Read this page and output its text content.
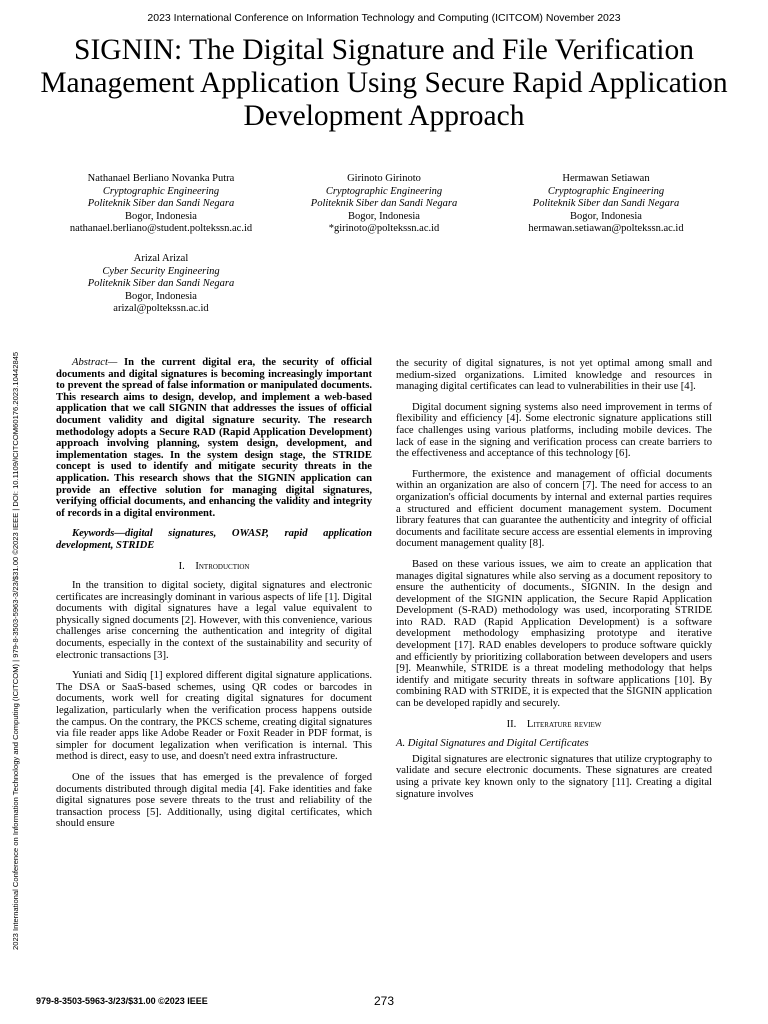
2023 International Conference on Information Technology and Computing (ICITCOM) November 2023
2023 International Conference on Information Technology and Computing (ICITCOM) | 979-8-3503-5963-3/23/$31.00 ©2023 IEEE | DOI: 10.1109/ICITCOM60176.2023.10442845
SIGNIN: The Digital Signature and File Verification Management Application Using Secure Rapid Application Development Approach
Nathanael Berliano Novanka Putra
Cryptographic Engineering
Politeknik Siber dan Sandi Negara
Bogor, Indonesia
nathanael.berliano@student.poltekssn.ac.id
Girinoto Girinoto
Cryptographic Engineering
Politeknik Siber dan Sandi Negara
Bogor, Indonesia
*girinoto@poltekssn.ac.id
Hermawan Setiawan
Cryptographic Engineering
Politeknik Siber dan Sandi Negara
Bogor, Indonesia
hermawan.setiawan@poltekssn.ac.id
Arizal Arizal
Cyber Security Engineering
Politeknik Siber dan Sandi Negara
Bogor, Indonesia
arizal@poltekssn.ac.id

Abstract— In the current digital era, the security of official documents and digital signatures is becoming increasingly important to prevent the spread of false information or manipulated documents. This research aims to design, develop, and implement a web-based application that we call SIGNIN that addresses the issues of official document validity and digital signature security. The research methodology adopts a Secure RAD (Rapid Application Development) approach involving planning, system design, development, and implementation stages. In the system design stage, the STRIDE concept is used to identify and mitigate security threats in the application. This research shows that the SIGNIN application can provide an effective solution for managing digital signatures, verifying official documents, and enhancing the validity and integrity of records in a digital environment.

Keywords—digital signatures, OWASP, rapid application development, STRIDE

I. Introduction

In the transition to digital society, digital signatures and electronic certificates are increasingly dominant in various aspects of life [1]. Digital documents with digital signatures have a legal value equivalent to physically signed documents [2]. However, with this convenience, various challenges arise concerning the authentication and integrity of digital documents, especially in the context of the sustainability and security of electronic transactions [3].

Yuniati and Sidiq [1] explored different digital signature applications. The DSA or SaaS-based schemes, using QR codes or barcodes in documents, work well for creating digital signatures for document legalization, particularly when the verification process happens outside the campus. On the contrary, the PKCS scheme, creating digital signatures via file reader apps like Adobe Reader or Foxit Reader in PDF format, is simpler for document legalization when verification is internal. This method is direct, easy to use, and doesn't need extra infrastructure.

One of the issues that has emerged is the prevalence of forged documents distributed through digital media [4]. Fake identities and fake digital signatures pose severe threats to the trust and reliability of the transaction process [5]. Additionally, using digital certificates, which should ensure

the security of digital signatures, is not yet optimal among small and medium-sized organizations. Limited knowledge and resources in managing digital certificates can lead to vulnerabilities in their use [4].

Digital document signing systems also need improvement in terms of flexibility and efficiency [4]. Some electronic signature applications still face challenges using various platforms, including mobile devices. The lack of ease in the signing and verification process can create barriers to the effectiveness and acceptance of this technology [6].

Furthermore, the existence and management of official documents within an organization are also of concern [7]. The need for access to an organization's official documents by internal and external parties requires a structured and efficient document management system. Document library features that can guarantee the authenticity and integrity of official documents and facilitate secure access are essential elements in improving document management quality [8].

Based on these various issues, we aim to create an application that manages digital signatures while also serving as a document repository to ensure the authenticity of documents., SIGNIN. In the design and development of the SIGNIN application, the Secure Rapid Application Development (S-RAD) methodology was used, incorporating STRIDE into RAD. RAD (Rapid Application Development) is a software development methodology emphasizing prototype and iterative development [17]. RAD enables developers to produce software quickly and efficiently by prioritizing collaboration between developers and users [9]. Meanwhile, STRIDE is a threat modeling methodology that helps identify and mitigate security threats in software applications [10]. By combining RAD with STRIDE, it is expected that the SIGNIN application can be developed rapidly and securely.

II. Literature review
A. Digital Signatures and Digital Certificates

Digital signatures are electronic signatures that utilize cryptography to validate and secure electronic documents. These signatures are created using a private key known only to the signatory [11]. Creating a digital signature involves

979-8-3503-5963-3/23/$31.00 ©2023 IEEE	273
